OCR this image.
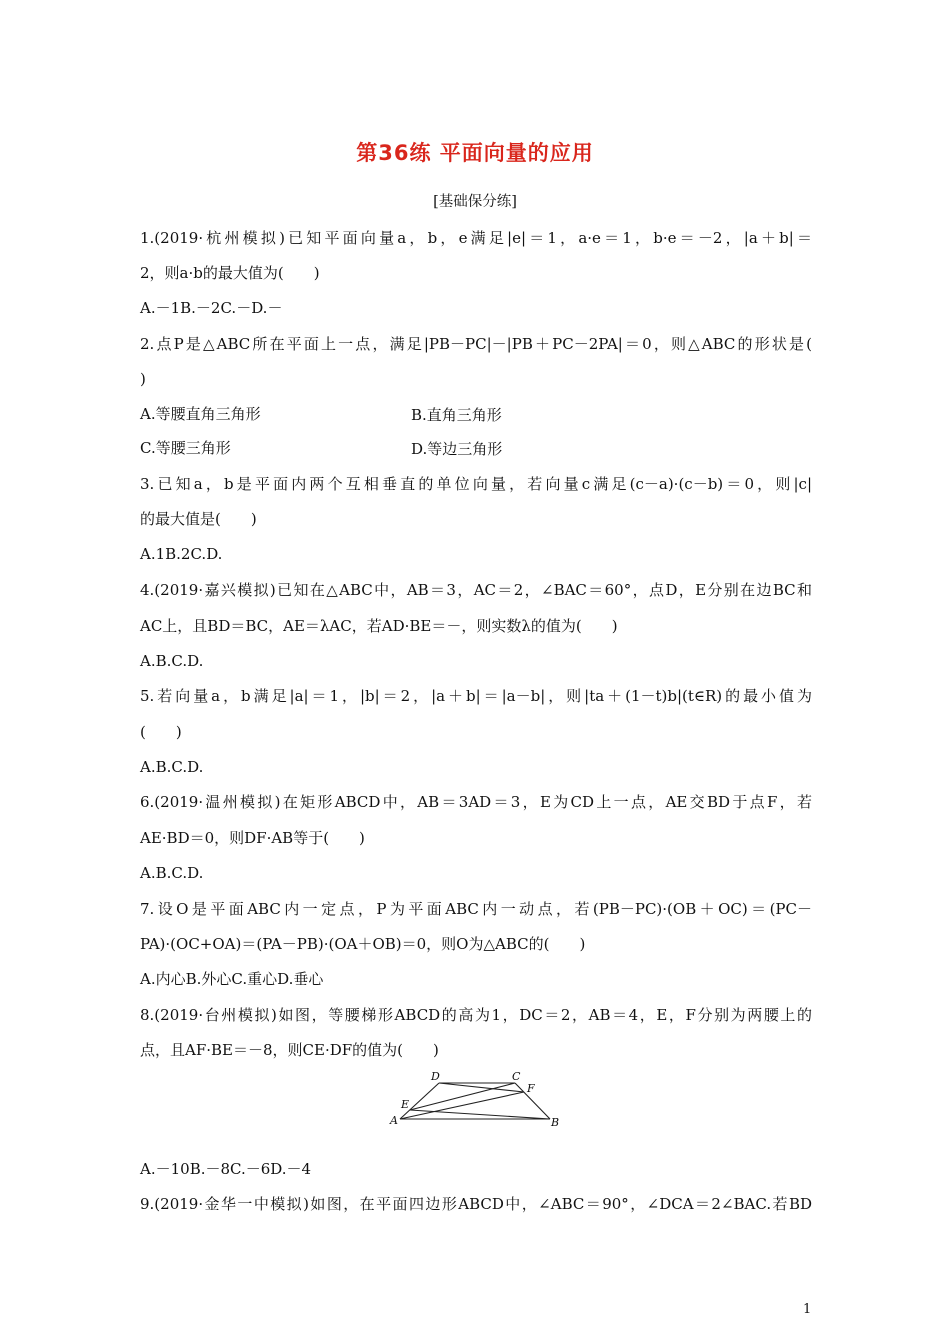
第36练 平面向量的应用
[基础保分练]
1.(2019·杭州模拟)已知平面向量a，b，e满足|e|＝1，a·e＝1，b·e＝－2，|a＋b|＝
2，则a·b的最大值为(　　)
A.－1B.－2C.－D.－
2.点P是△ABC所在平面上一点，满足|PB－PC|－|PB＋PC－2PA|＝0，则△ABC的形状是(
)
A.等腰直角三角形	B.直角三角形
C.等腰三角形	D.等边三角形
3.已知a，b是平面内两个互相垂直的单位向量，若向量c满足(c－a)·(c－b)＝0，则|c|
的最大值是(　　)
A.1B.2C.D.
4.(2019·嘉兴模拟)已知在△ABC中，AB＝3，AC＝2，∠BAC＝60°，点D，E分别在边BC和
AC上，且BD＝BC，AE＝λAC，若AD·BE＝－，则实数λ的值为(　　)
A.B.C.D.
5.若向量a，b满足|a|＝1，|b|＝2，|a＋b|＝|a－b|，则|ta＋(1－t)b|(t∈R)的最小值为
(　　)
A.B.C.D.
6.(2019·温州模拟)在矩形ABCD中，AB＝3AD＝3，E为CD上一点，AE交BD于点F，若
AE·BD＝0，则DF·AB等于(　　)
A.B.C.D.
7.设O是平面ABC内一定点，P为平面ABC内一动点，若(PB－PC)·(OB＋OC)＝(PC－
PA)·(OC+OA)＝(PA－PB)·(OA＋OB)＝0，则O为△ABC的(　　)
A.内心B.外心C.重心D.垂心
8.(2019·台州模拟)如图，等腰梯形ABCD的高为1，DC＝2，AB＝4，E，F分别为两腰上的
点，且AF·BE＝－8，则CE·DF的值为(　　)
A	B
C
D
E
F
A.－10B.－8C.－6D.－4
9.(2019·金华一中模拟)如图，在平面四边形ABCD中，∠ABC＝90°，∠DCA＝2∠BAC.若BD
1
